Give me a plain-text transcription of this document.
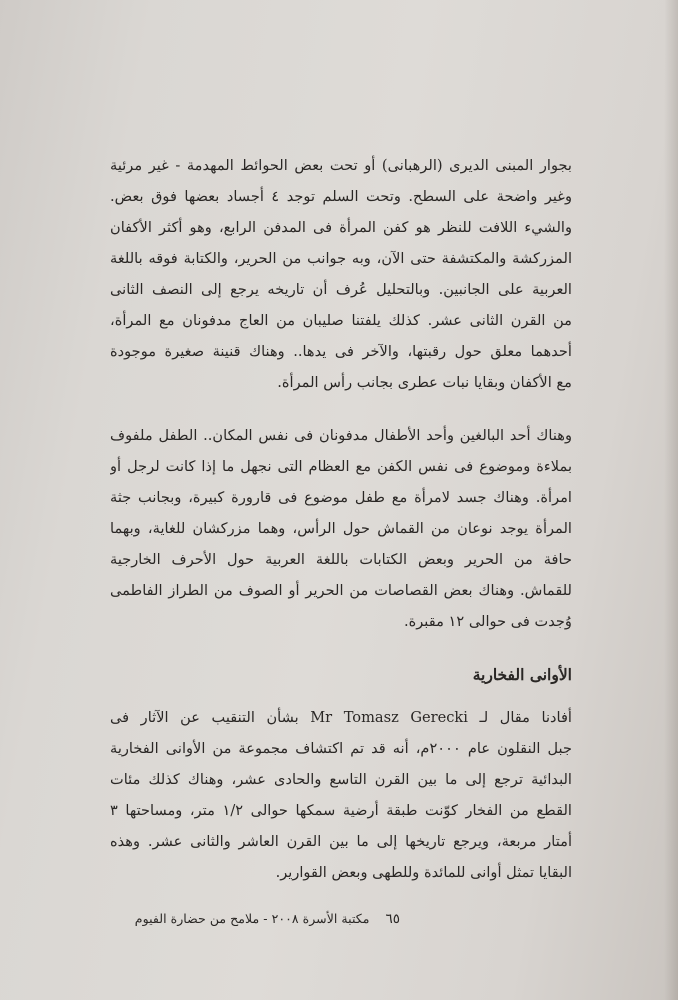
بجوار المبنى الديرى (الرهبانى) أو تحت بعض الحوائط المهدمة - غير مرئية
وغير واضحة على السطح. وتحت السلم توجد ٤ أجساد بعضها فوق بعض.
والشيء اللافت للنظر هو كفن المرأة فى المدفن الرابع، وهو أكثر الأكفان
المزركشة والمكتشفة حتى الآن، وبه جوانب من الحرير، والكتابة فوقه باللغة
العربية على الجانبين. وبالتحليل عُرف أن تاريخه يرجع إلى النصف الثانى
من القرن الثانى عشر. كذلك يلفتنا صليبان من العاج مدفونان مع المرأة،
أحدهما معلق حول رقبتها، والآخر فى يدها.. وهناك قنينة صغيرة موجودة
مع الأكفان وبقايا نبات عطرى بجانب رأس المرأة.
وهناك أحد البالغين وأحد الأطفال مدفونان فى نفس المكان.. الطفل ملفوف
بملاءة وموضوع فى نفس الكفن مع العظام التى نجهل ما إذا كانت لرجل أو
امرأة. وهناك جسد لامرأة مع طفل موضوع فى قارورة كبيرة، وبجانب جثة
المرأة يوجد نوعان من القماش حول الرأس، وهما مزركشان للغاية، وبهما
حافة من الحرير وبعض الكتابات باللغة العربية حول الأحرف الخارجية
للقماش. وهناك بعض القصاصات من الحرير أو الصوف من الطراز الفاطمى
وُجدت فى حوالى ١٢ مقبرة.
الأوانى الفخارية
أفادنا مقال لـ Mr Tomasz Gerecki بشأن التنقيب عن الآثار فى
جبل النقلون عام ٢٠٠٠م، أنه قد تم اكتشاف مجموعة من الأوانى الفخارية
البدائية ترجع إلى ما بين القرن التاسع والحادى عشر، وهناك كذلك مئات
القطع من الفخار كوّنت طبقة أرضية سمكها حوالى ١/٢ متر، ومساحتها ٣
أمتار مربعة، ويرجع تاريخها إلى ما بين القرن العاشر والثانى عشر. وهذه
البقايا تمثل أوانى للمائدة وللطهى وبعض القوارير.
٦٥ مكتبة الأسرة ٢٠٠٨ - ملامح من حضارة الفيوم
